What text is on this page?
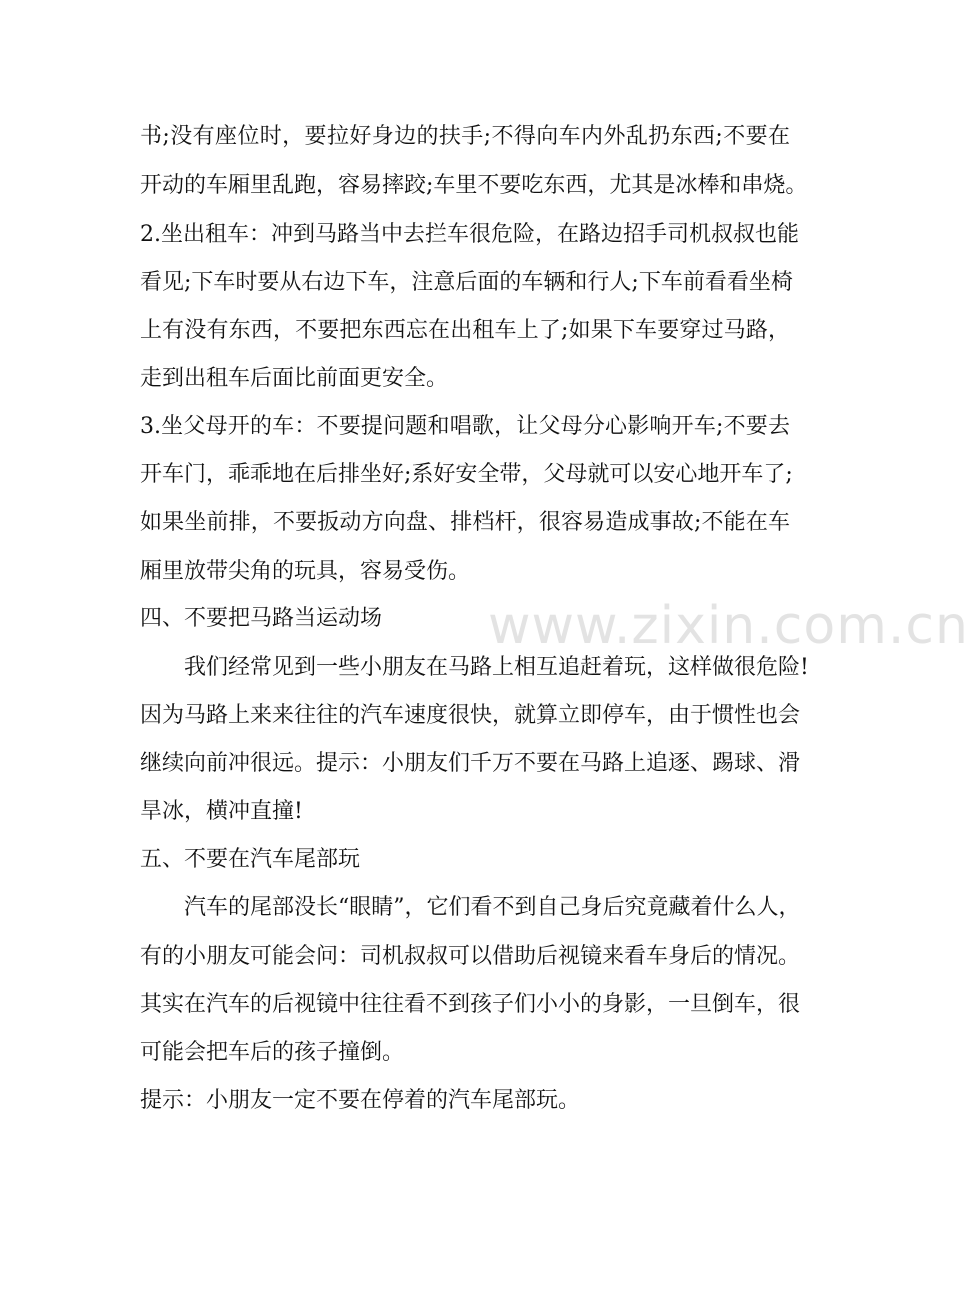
www.zixin.com.cn
书;没有座位时，要拉好身边的扶手;不得向车内外乱扔东西;不要在
开动的车厢里乱跑，容易摔跤;车里不要吃东西，尤其是冰棒和串烧。
2.坐出租车：冲到马路当中去拦车很危险，在路边招手司机叔叔也能
看见;下车时要从右边下车，注意后面的车辆和行人;下车前看看坐椅
上有没有东西，不要把东西忘在出租车上了;如果下车要穿过马路，
走到出租车后面比前面更安全。
3.坐父母开的车：不要提问题和唱歌，让父母分心影响开车;不要去
开车门，乖乖地在后排坐好;系好安全带，父母就可以安心地开车了;
如果坐前排，不要扳动方向盘、排档杆，很容易造成事故;不能在车
厢里放带尖角的玩具，容易受伤。
四、不要把马路当运动场
我们经常见到一些小朋友在马路上相互追赶着玩，这样做很危险!
因为马路上来来往往的汽车速度很快，就算立即停车，由于惯性也会
继续向前冲很远。提示：小朋友们千万不要在马路上追逐、踢球、滑
旱冰，横冲直撞!
五、不要在汽车尾部玩
汽车的尾部没长“眼睛”，它们看不到自己身后究竟藏着什么人，
有的小朋友可能会问：司机叔叔可以借助后视镜来看车身后的情况。
其实在汽车的后视镜中往往看不到孩子们小小的身影，一旦倒车，很
可能会把车后的孩子撞倒。
提示：小朋友一定不要在停着的汽车尾部玩。
